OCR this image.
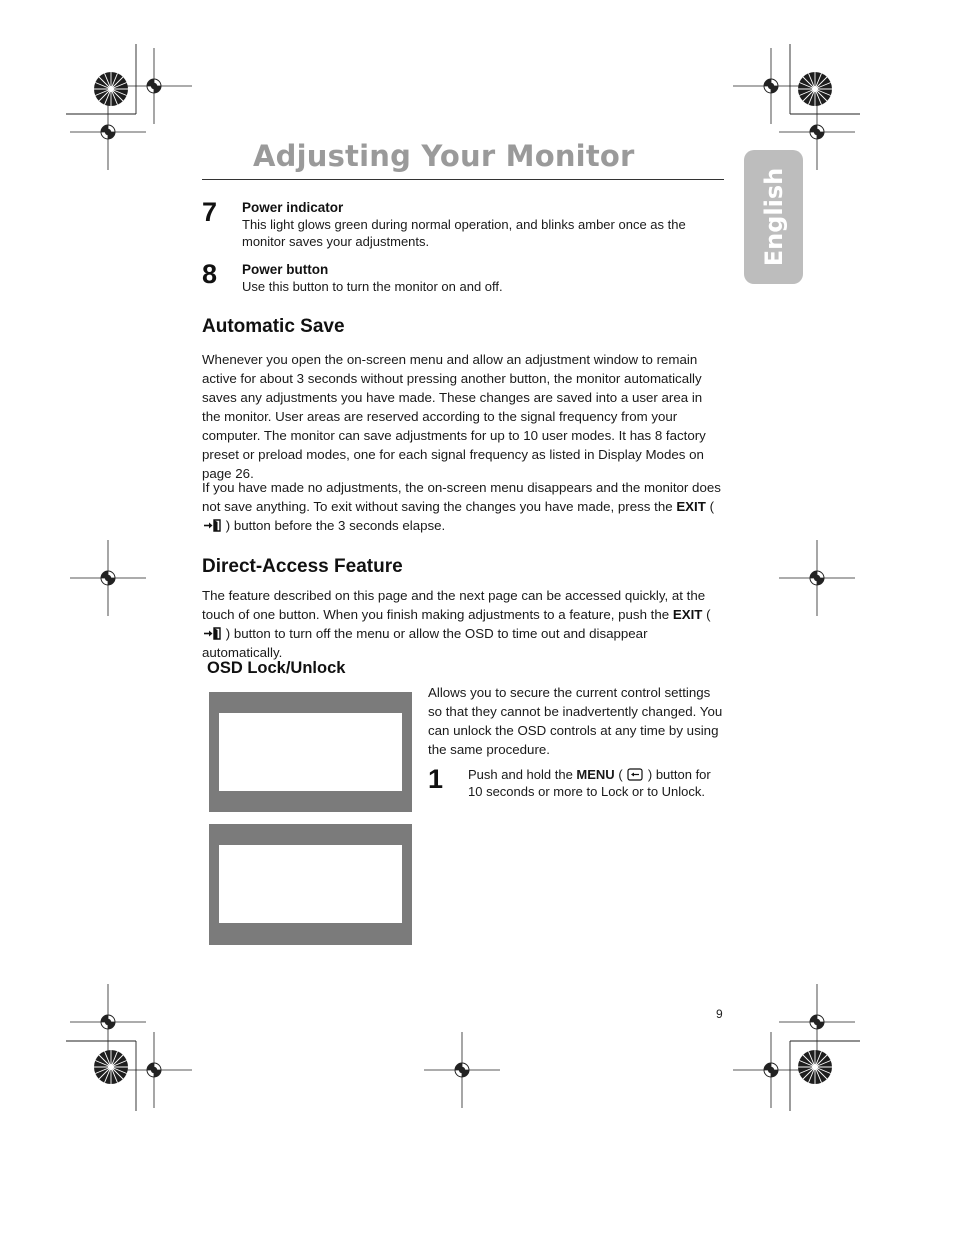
Adjusting Your Monitor
English
7 Power indicator
This light glows green during normal operation, and blinks amber once as the monitor saves your adjustments.
8 Power button
Use this button to turn the monitor on and off.
Automatic Save

Whenever you open the on-screen menu and allow an adjustment window to remain active for about 3 seconds without pressing another button, the monitor automatically saves any adjustments you have made. These changes are saved into a user area in the monitor. User areas are reserved according to the signal frequency from your computer. The monitor can save adjustments for up to 10 user modes. It has 8 factory preset or preload modes, one for each signal frequency as listed in Display Modes on page 26.

If you have made no adjustments, the on-screen menu disappears and the monitor does not save anything. To exit without saving the changes you have made, press the EXIT (  ) button before the 3 seconds elapse.

Direct-Access Feature

The feature described on this page and the next page can be accessed quickly, at the touch of one button. When you finish making adjustments to a feature, push the EXIT (  ) button to turn off the menu or allow the OSD to time out and disappear automatically.

OSD Lock/Unlock

Allows you to secure the current control settings so that they cannot be inadvertently changed. You can unlock the OSD controls at any time by using the same procedure.

1 Push and hold the MENU (  ) button for 10 seconds or more to Lock or to Unlock.

9
